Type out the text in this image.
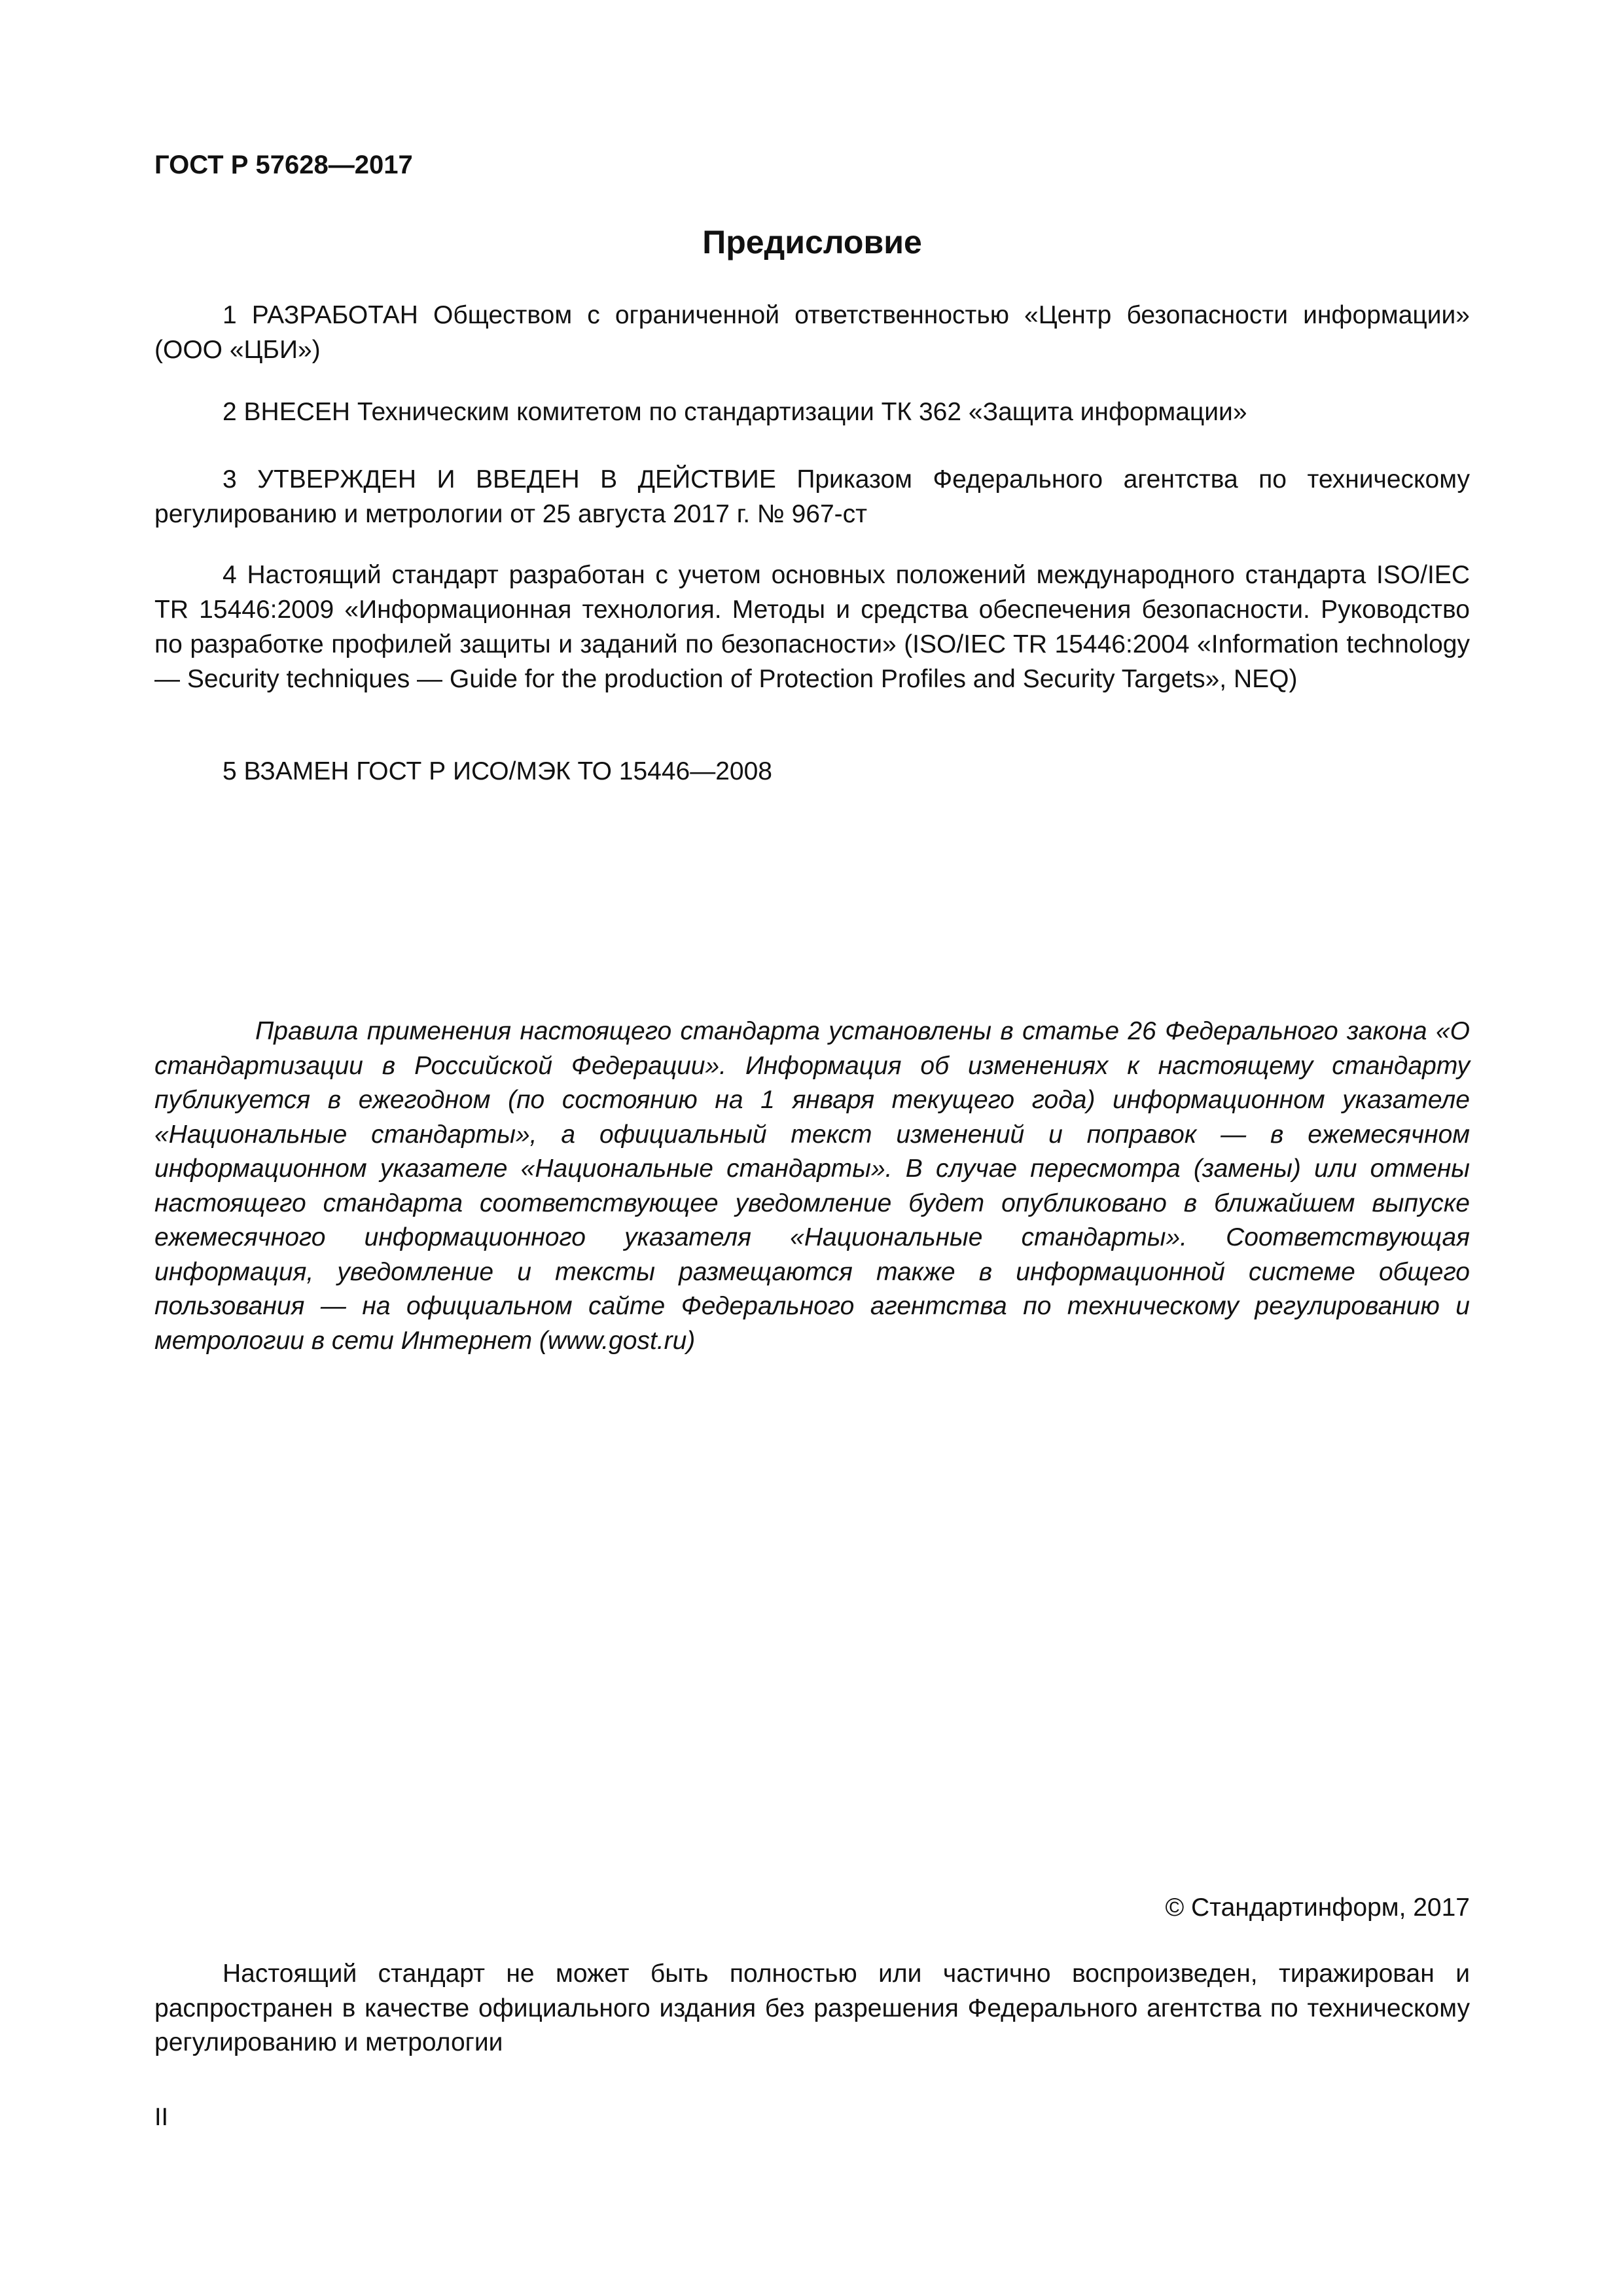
ГОСТ Р 57628—2017
Предисловие

1 РАЗРАБОТАН Обществом с ограниченной ответственностью «Центр безопасности информации» (ООО «ЦБИ»)

2 ВНЕСЕН Техническим комитетом по стандартизации ТК 362 «Защита информации»

3 УТВЕРЖДЕН И ВВЕДЕН В ДЕЙСТВИЕ Приказом Федерального агентства по техническому регулированию и метрологии от 25 августа 2017 г. № 967-ст

4 Настоящий стандарт разработан с учетом основных положений международного стандарта ISO/IEC TR 15446:2009 «Информационная технология. Методы и средства обеспечения безопасности. Руководство по разработке профилей защиты и заданий по безопасности» (ISO/IEC TR 15446:2004 «Information technology — Security techniques — Guide for the production of Protection Profiles and Security Targets», NEQ)

5 ВЗАМЕН ГОСТ Р ИСО/МЭК ТО 15446—2008

Правила применения настоящего стандарта установлены в статье 26 Федерального закона «О стандартизации в Российской Федерации». Информация об изменениях к настоящему стандарту публикуется в ежегодном (по состоянию на 1 января текущего года) информационном указателе «Национальные стандарты», а официальный текст изменений и поправок — в ежемесячном информационном указателе «Национальные стандарты». В случае пересмотра (замены) или отмены настоящего стандарта соответствующее уведомление будет опубликовано в ближайшем выпуске ежемесячного информационного указателя «Национальные стандарты». Соответствующая информация, уведомление и тексты размещаются также в информационной системе общего пользования — на официальном сайте Федерального агентства по техническому регулированию и метрологии в сети Интернет (www.gost.ru)

© Стандартинформ, 2017

Настоящий стандарт не может быть полностью или частично воспроизведен, тиражирован и распространен в качестве официального издания без разрешения Федерального агентства по техническому регулированию и метрологии

II
